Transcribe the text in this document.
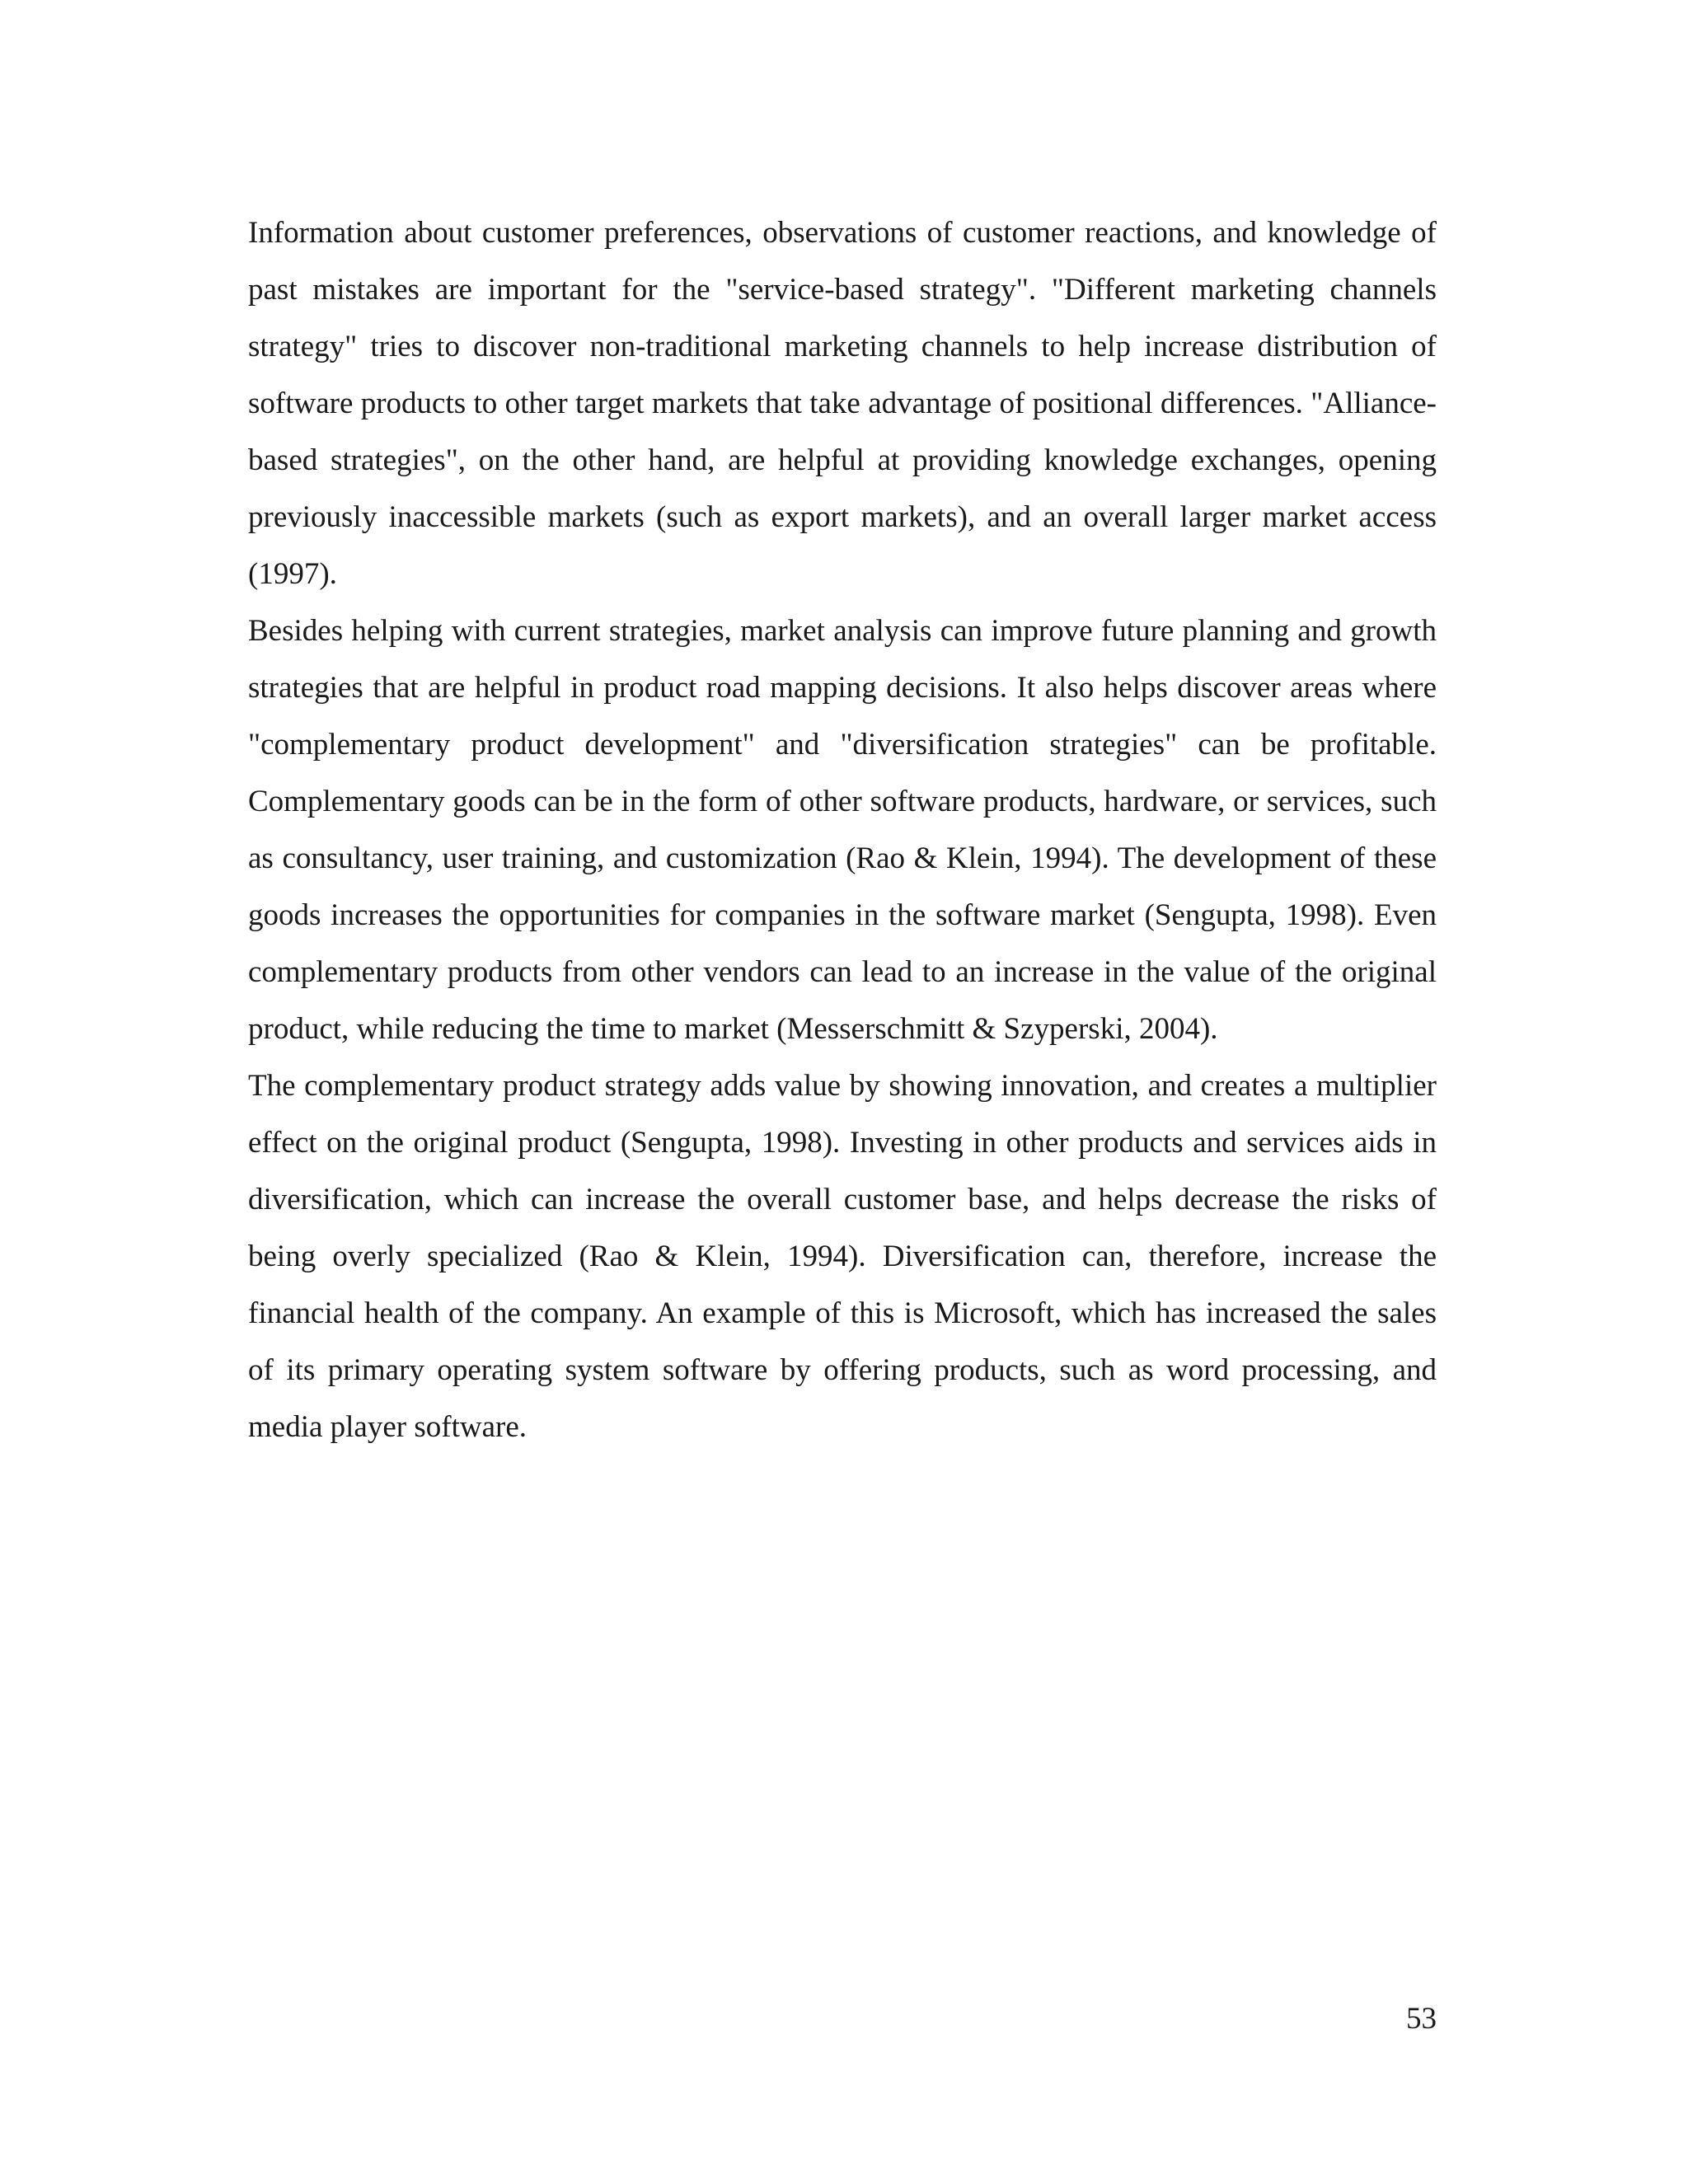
Information about customer preferences, observations of customer reactions, and knowledge of past mistakes are important for the "service-based strategy". "Different marketing channels strategy" tries to discover non-traditional marketing channels to help increase distribution of software products to other target markets that take advantage of positional differences. "Alliance-based strategies", on the other hand, are helpful at providing knowledge exchanges, opening previously inaccessible markets (such as export markets), and an overall larger market access (1997).

Besides helping with current strategies, market analysis can improve future planning and growth strategies that are helpful in product road mapping decisions. It also helps discover areas where "complementary product development" and "diversification strategies" can be profitable. Complementary goods can be in the form of other software products, hardware, or services, such as consultancy, user training, and customization (Rao & Klein, 1994). The development of these goods increases the opportunities for companies in the software market (Sengupta, 1998). Even complementary products from other vendors can lead to an increase in the value of the original product, while reducing the time to market (Messerschmitt & Szyperski, 2004).

The complementary product strategy adds value by showing innovation, and creates a multiplier effect on the original product (Sengupta, 1998). Investing in other products and services aids in diversification, which can increase the overall customer base, and helps decrease the risks of being overly specialized (Rao & Klein, 1994). Diversification can, therefore, increase the financial health of the company. An example of this is Microsoft, which has increased the sales of its primary operating system software by offering products, such as word processing, and media player software.

53
